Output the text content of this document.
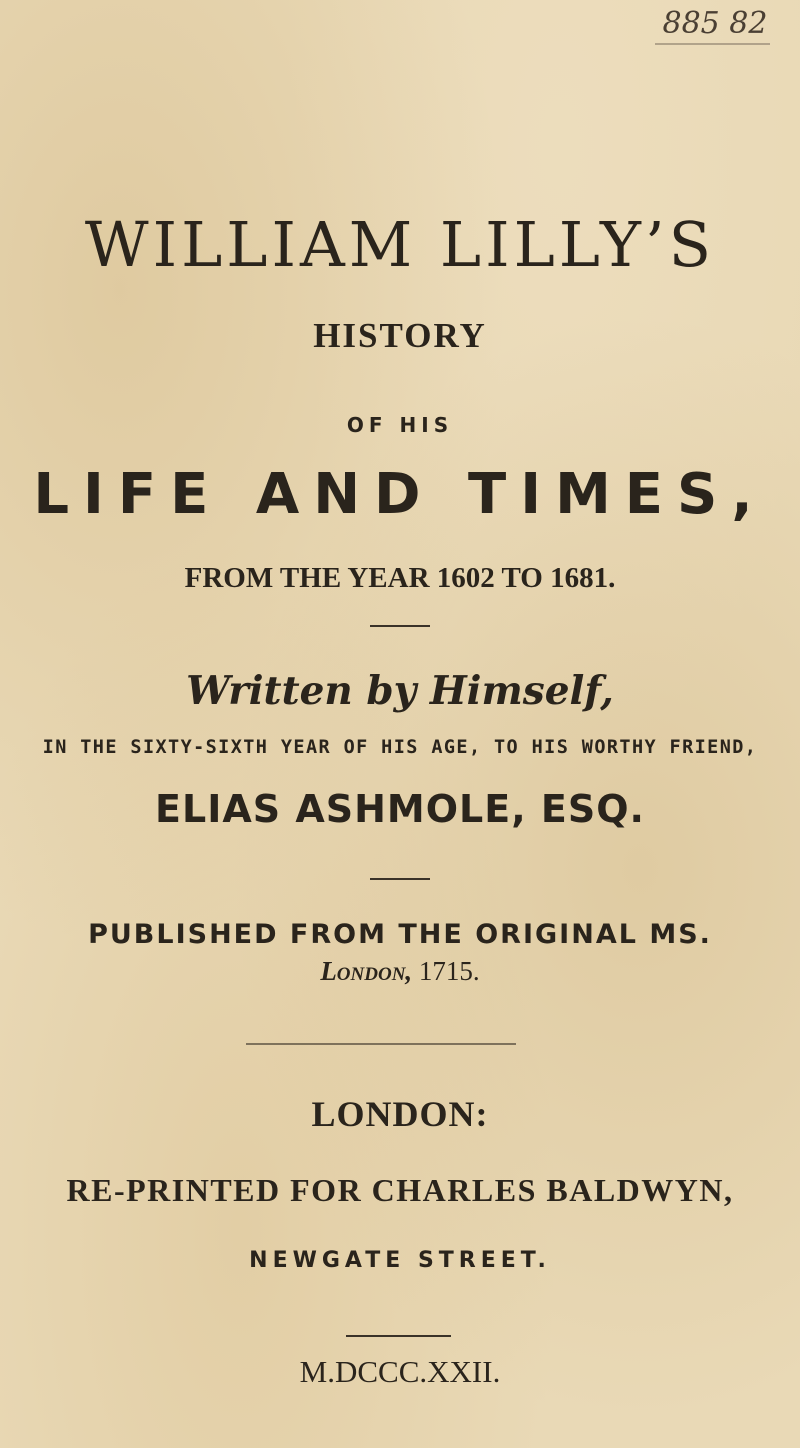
885 82
WILLIAM LILLY’S
HISTORY
OF HIS
LIFE AND TIMES,
FROM THE YEAR 1602 TO 1681.
Written by Himself,
IN THE SIXTY-SIXTH YEAR OF HIS AGE, TO HIS WORTHY FRIEND,
ELIAS ASHMOLE, ESQ.
PUBLISHED FROM THE ORIGINAL MS.
London, 1715.
LONDON:
RE-PRINTED FOR CHARLES BALDWYN,
NEWGATE STREET.
M.DCCC.XXII.
